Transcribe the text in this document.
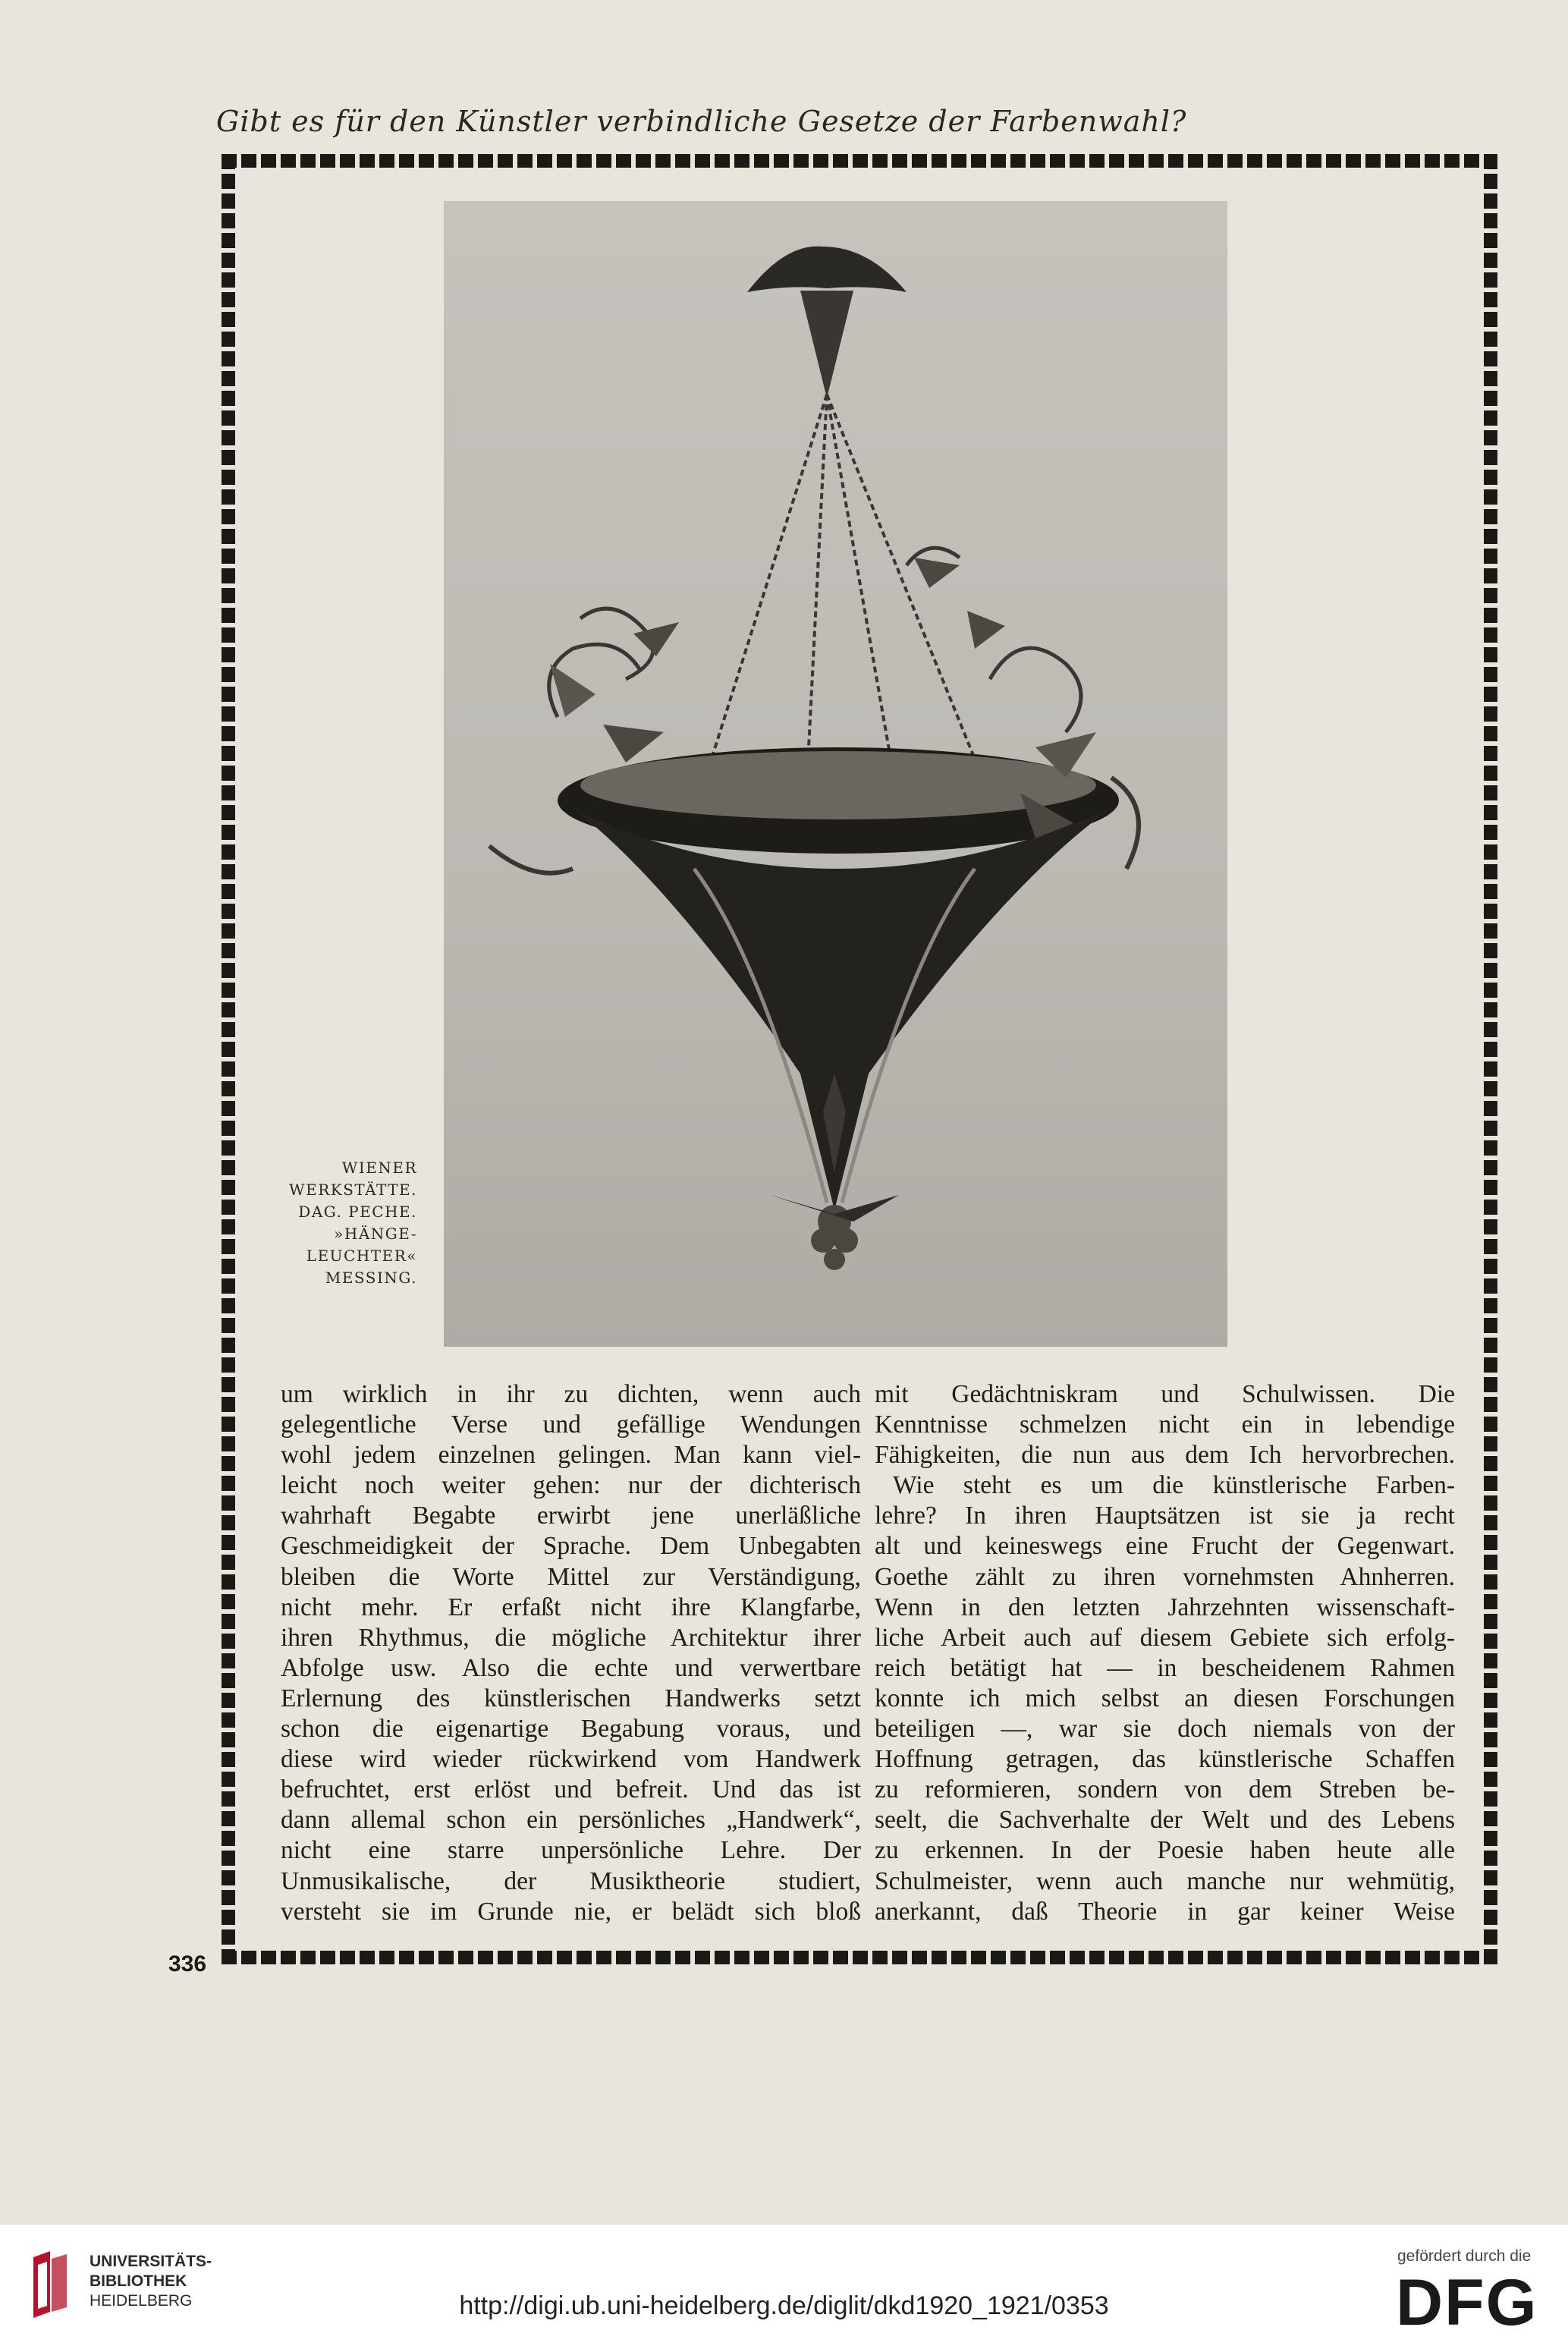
Gibt es für den Künstler verbindliche Gesetze der Farbenwahl?
WIENER
WERKSTÄTTE.
DAG. PECHE.
»HÄNGE-
LEUCHTER«
MESSING.
um wirklich in ihr zu dichten, wenn auch
gelegentliche Verse und gefällige Wendungen
wohl jedem einzelnen gelingen. Man kann viel-
leicht noch weiter gehen: nur der dichterisch
wahrhaft Begabte erwirbt jene unerläßliche
Geschmeidigkeit der Sprache. Dem Unbegabten
bleiben die Worte Mittel zur Verständigung,
nicht mehr. Er erfaßt nicht ihre Klangfarbe,
ihren Rhythmus, die mögliche Architektur ihrer
Abfolge usw. Also die echte und verwertbare
Erlernung des künstlerischen Handwerks setzt
schon die eigenartige Begabung voraus, und
diese wird wieder rückwirkend vom Handwerk
befruchtet, erst erlöst und befreit. Und das ist
dann allemal schon ein persönliches „Handwerk“,
nicht eine starre unpersönliche Lehre. Der
Unmusikalische, der Musiktheorie studiert,
versteht sie im Grunde nie, er belädt sich bloß
mit Gedächtniskram und Schulwissen. Die
Kenntnisse schmelzen nicht ein in lebendige
Fähigkeiten, die nun aus dem Ich hervorbrechen.
Wie steht es um die künstlerische Farben-
lehre? In ihren Hauptsätzen ist sie ja recht
alt und keineswegs eine Frucht der Gegenwart.
Goethe zählt zu ihren vornehmsten Ahnherren.
Wenn in den letzten Jahrzehnten wissenschaft-
liche Arbeit auch auf diesem Gebiete sich erfolg-
reich betätigt hat — in bescheidenem Rahmen
konnte ich mich selbst an diesen Forschungen
beteiligen —, war sie doch niemals von der
Hoffnung getragen, das künstlerische Schaffen
zu reformieren, sondern von dem Streben be-
seelt, die Sachverhalte der Welt und des Lebens
zu erkennen. In der Poesie haben heute alle
Schulmeister, wenn auch manche nur wehmütig,
anerkannt, daß Theorie in gar keiner Weise
336
UNIVERSITÄTS-
BIBLIOTHEK
HEIDELBERG	http://digi.ub.uni-heidelberg.de/diglit/dkd1920_1921/0353
gefördert durch die
DFG
